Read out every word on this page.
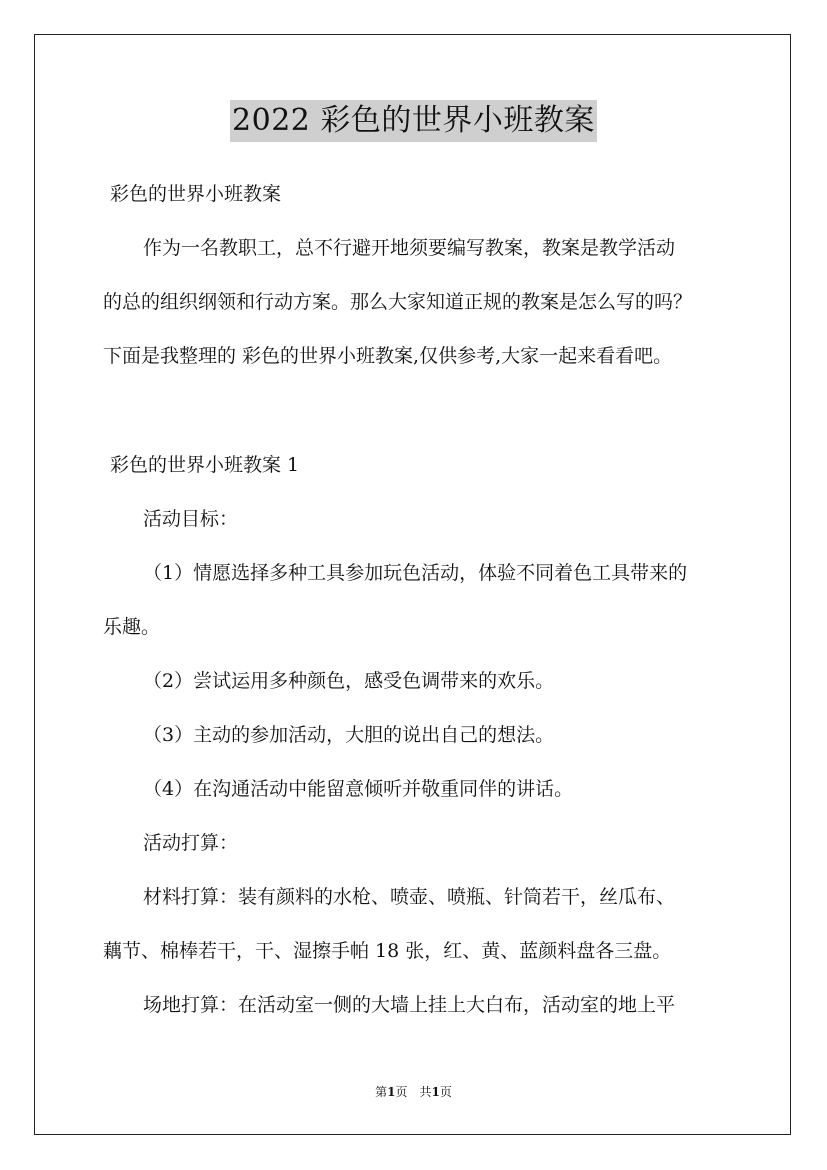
2022 彩色的世界小班教案
彩色的世界小班教案
作为一名教职工，总不行避开地须要编写教案，教案是教学活动
的总的组织纲领和行动方案。那么大家知道正规的教案是怎么写的吗？
下面是我整理的 彩色的世界小班教案,仅供参考,大家一起来看看吧。
彩色的世界小班教案 1
活动目标：
（1）情愿选择多种工具参加玩色活动，体验不同着色工具带来的
乐趣。
（2）尝试运用多种颜色，感受色调带来的欢乐。
（3）主动的参加活动，大胆的说出自己的想法。
（4）在沟通活动中能留意倾听并敬重同伴的讲话。
活动打算：
材料打算：装有颜料的水枪、喷壶、喷瓶、针筒若干，丝瓜布、
藕节、棉棒若干，干、湿擦手帕 18 张，红、黄、蓝颜料盘各三盘。
场地打算：在活动室一侧的大墙上挂上大白布，活动室的地上平
第1页　共1页
